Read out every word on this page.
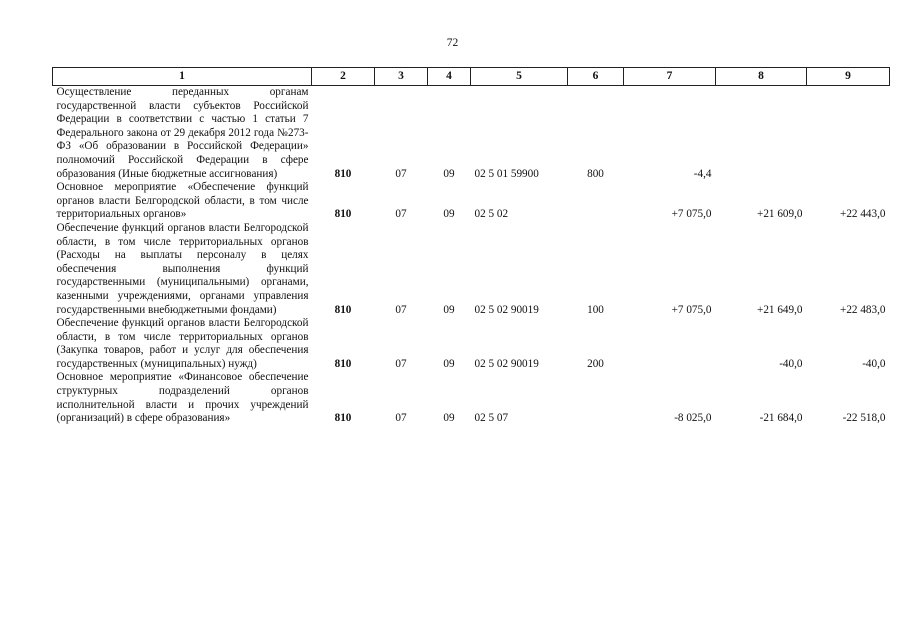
72
1	2	3	4	5	6	7	8	9
Осуществление переданных органам государственной власти субъектов Российской Федерации в соответствии с частью 1 статьи 7 Федерального закона от 29 декабря 2012 года №273-ФЗ «Об образовании в Российской Федерации» полномочий Российской Федерации в сфере образования (Иные бюджетные ассигнования)	810	07	09	02 5 01 59900	800	-4,4		
Основное мероприятие «Обеспечение функций органов власти Белгородской области, в том числе территориальных органов»	810	07	09	02 5 02		+7 075,0	+21 609,0	+22 443,0
Обеспечение функций органов власти Белгородской области, в том числе территориальных органов (Расходы на выплаты персоналу в целях обеспечения выполнения функций государственными (муниципальными) органами, казенными учреждениями, органами управления государственными внебюджетными фондами)	810	07	09	02 5 02 90019	100	+7 075,0	+21 649,0	+22 483,0
Обеспечение функций органов власти Белгородской области, в том числе территориальных органов (Закупка товаров, работ и услуг для обеспечения государственных (муниципальных) нужд)	810	07	09	02 5 02 90019	200		-40,0	-40,0
Основное мероприятие «Финансовое обеспечение структурных подразделений органов исполнительной власти и прочих учреждений (организаций) в сфере образования»	810	07	09	02 5 07		-8 025,0	-21 684,0	-22 518,0
